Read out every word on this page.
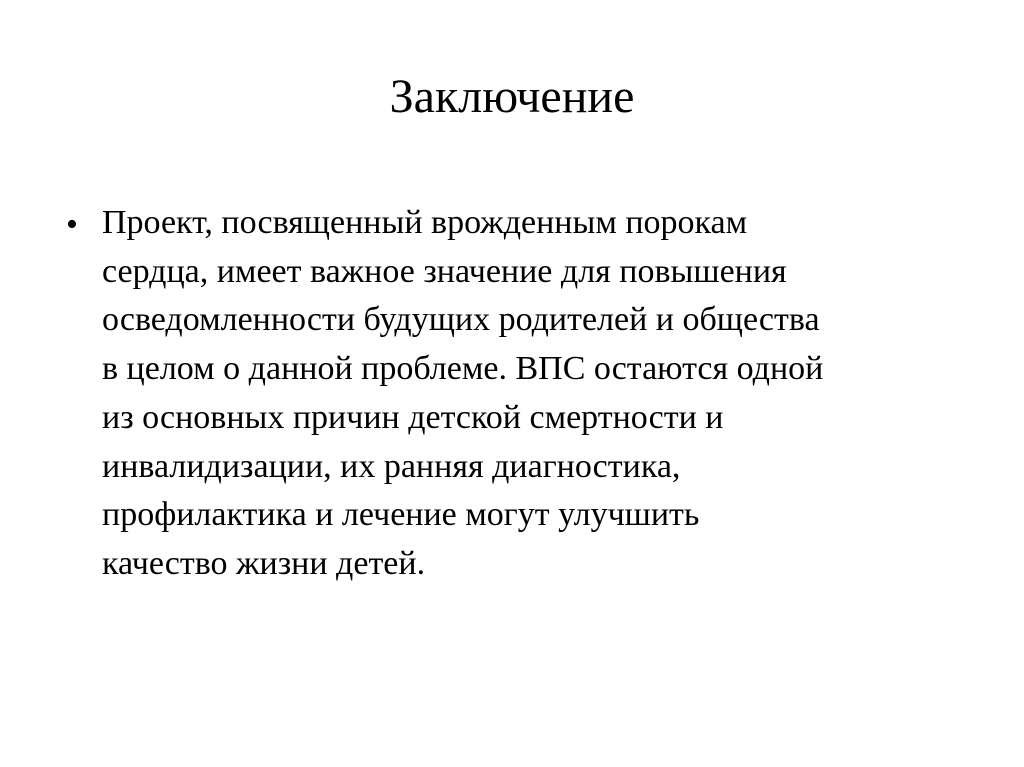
Заключение
• Проект, посвященный врожденным порокам
сердца, имеет важное значение для повышения
осведомленности будущих родителей и общества
в целом о данной проблеме. ВПС остаются одной
из основных причин детской смертности и
инвалидизации, их ранняя диагностика,
профилактика и лечение могут улучшить
качество жизни детей.
